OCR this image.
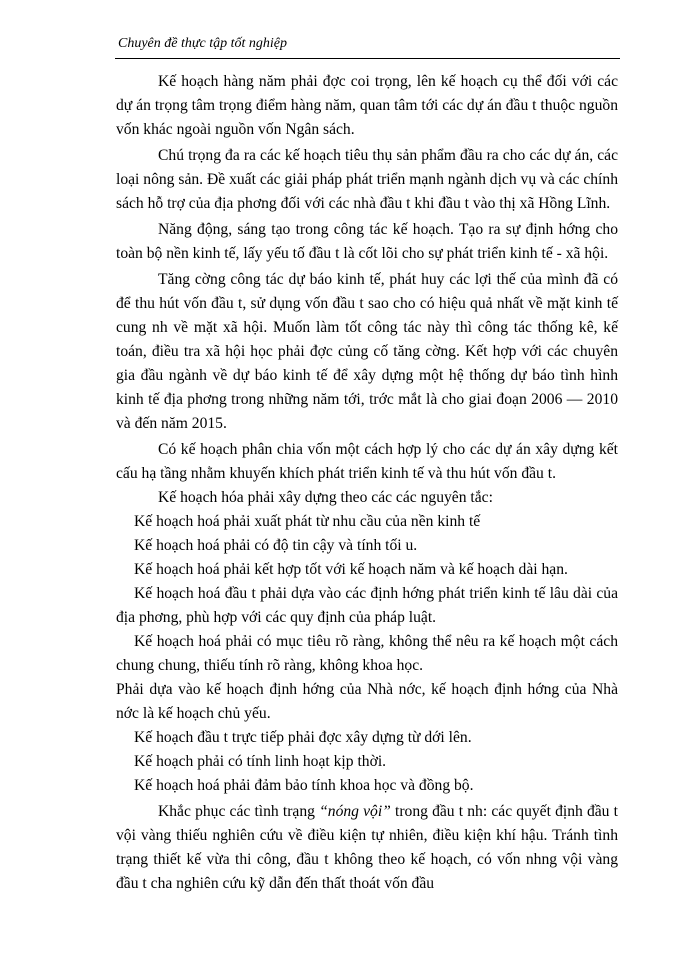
Chuyên đề thực tập tốt nghiệp

Kế hoạch hàng năm phải đợc coi trọng, lên kế hoạch cụ thể đối với các dự án trọng tâm trọng điểm hàng năm, quan tâm tới các dự án đầu t thuộc nguồn vốn khác ngoài nguồn vốn Ngân sách.

Chú trọng đa ra các kế hoạch tiêu thụ sản phẩm đầu ra cho các dự án, các loại nông sản. Đề xuất các giải pháp phát triển mạnh ngành dịch vụ và các chính sách hỗ trợ của địa phơng đối với các nhà đầu t khi đầu t vào thị xã Hồng Lĩnh.

Năng động, sáng tạo trong công tác kế hoạch. Tạo ra sự định hớng cho toàn bộ nền kinh tế, lấy yếu tố đầu t là cốt lõi cho sự phát triển kinh tế - xã hội.

Tăng cờng công tác dự báo kinh tế, phát huy các lợi thế của mình đã có để thu hút vốn đầu t, sử dụng vốn đầu t sao cho có hiệu quả nhất về mặt kinh tế cung nh về mặt xã hội. Muốn làm tốt công tác này thì công tác thống kê, kế toán, điều tra xã hội học phải đợc củng cố tăng cờng. Kết hợp với các chuyên gia đầu ngành về dự báo kinh tế để xây dựng một hệ thống dự báo tình hình kinh tế địa phơng trong những năm tới, trớc mắt là cho giai đoạn 2006 — 2010 và đến năm 2015.

Có kế hoạch phân chia vốn một cách hợp lý cho các dự án xây dựng kết cấu hạ tầng nhằm khuyến khích phát triển kinh tế và thu hút vốn đầu t.

Kế hoạch hóa phải xây dựng theo các các nguyên tắc:

Kế hoạch hoá phải xuất phát từ nhu cầu của nền kinh tế

Kế hoạch hoá phải có độ tin cậy và tính tối u.

Kế hoạch hoá phải kết hợp tốt với kế hoạch năm và kế hoạch dài hạn.

Kế hoạch hoá đầu t phải dựa vào các định hớng phát triển kinh tế lâu dài của địa phơng, phù hợp với các quy định của pháp luật.

Kế hoạch hoá phải có mục tiêu rõ ràng, không thể nêu ra kế hoạch một cách chung chung, thiếu tính rõ ràng, không khoa học.

Phải dựa vào kế hoạch định hớng của Nhà nớc, kế hoạch định hớng của Nhà nớc là kế hoạch chủ yếu.

Kế hoạch đầu t trực tiếp phải đợc xây dựng từ dới lên.

Kế hoạch phải có tính linh hoạt kịp thời.

Kế hoạch hoá phải đảm bảo tính khoa học và đồng bộ.

Khắc phục các tình trạng “nóng vội” trong đầu t nh: các quyết định đầu t vội vàng thiếu nghiên cứu về điều kiện tự nhiên, điều kiện khí hậu. Tránh tình trạng thiết kế vừa thi công, đầu t không theo kế hoạch, có vốn nhng vội vàng đầu t cha nghiên cứu kỹ dẫn đến thất thoát vốn đầu
